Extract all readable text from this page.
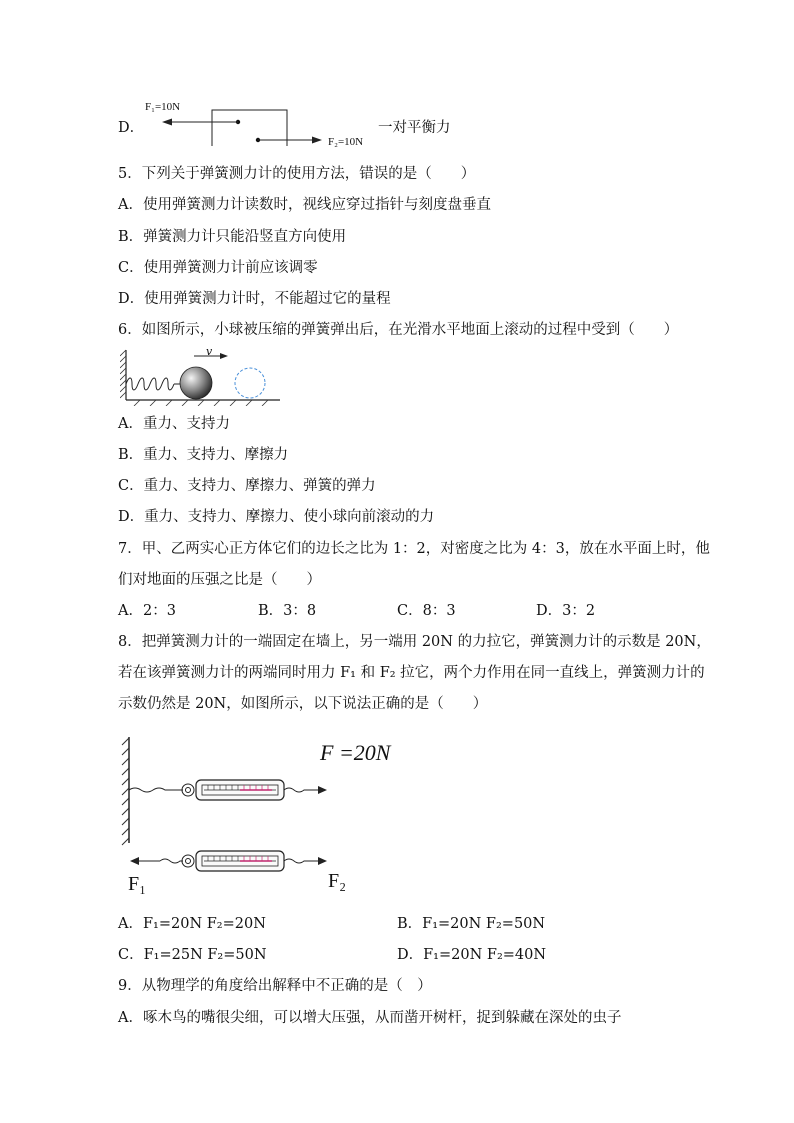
D．
F₁=10N
F₂=10N
一对平衡力
5．下列关于弹簧测力计的使用方法，错误的是（　　）
A．使用弹簧测力计读数时，视线应穿过指针与刻度盘垂直
B．弹簧测力计只能沿竖直方向使用
C．使用弹簧测力计前应该调零
D．使用弹簧测力计时，不能超过它的量程
6．如图所示，小球被压缩的弹簧弹出后，在光滑水平地面上滚动的过程中受到（　　）
v
A．重力、支持力
B．重力、支持力、摩擦力
C．重力、支持力、摩擦力、弹簧的弹力
D．重力、支持力、摩擦力、使小球向前滚动的力
7．甲、乙两实心正方体它们的边长之比为 1：2，对密度之比为 4：3，放在水平面上时，他
们对地面的压强之比是（　　）
A．2：3	B．3：8	C．8：3	D．3：2
8．把弹簧测力计的一端固定在墙上，另一端用 20N 的力拉它，弹簧测力计的示数是 20N，
若在该弹簧测力计的两端同时用力 F₁ 和 F₂ 拉它，两个力作用在同一直线上，弹簧测力计的
示数仍然是 20N，如图所示，以下说法正确的是（　　）
F =20N
F₁	F₂
A．F₁=20N F₂=20N	B．F₁=20N F₂=50N
C．F₁=25N F₂=50N	D．F₁=20N F₂=40N
9．从物理学的角度给出解释中不正确的是（　）
A．啄木鸟的嘴很尖细，可以增大压强，从而凿开树杆，捉到躲藏在深处的虫子
